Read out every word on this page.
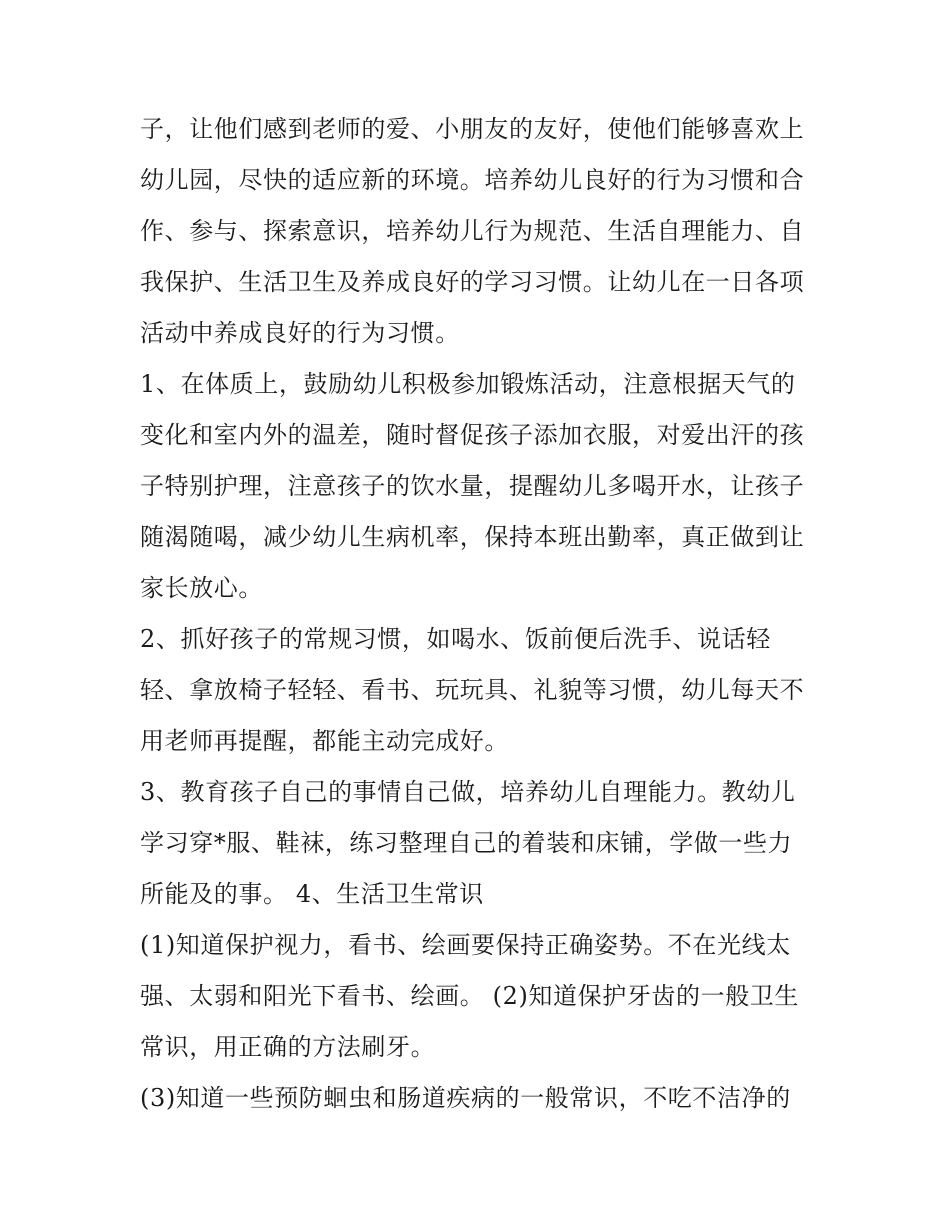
子，让他们感到老师的爱、小朋友的友好，使他们能够喜欢上
幼儿园，尽快的适应新的环境。培养幼儿良好的行为习惯和合
作、参与、探索意识，培养幼儿行为规范、生活自理能力、自
我保护、生活卫生及养成良好的学习习惯。让幼儿在一日各项
活动中养成良好的行为习惯。
1、在体质上，鼓励幼儿积极参加锻炼活动，注意根据天气的
变化和室内外的温差，随时督促孩子添加衣服，对爱出汗的孩
子特别护理，注意孩子的饮水量，提醒幼儿多喝开水，让孩子
随渴随喝，减少幼儿生病机率，保持本班出勤率，真正做到让
家长放心。
2、抓好孩子的常规习惯，如喝水、饭前便后洗手、说话轻
轻、拿放椅子轻轻、看书、玩玩具、礼貌等习惯，幼儿每天不
用老师再提醒，都能主动完成好。
3、教育孩子自己的事情自己做，培养幼儿自理能力。教幼儿
学习穿*服、鞋袜，练习整理自己的着装和床铺，学做一些力
所能及的事。 4、生活卫生常识
(1)知道保护视力，看书、绘画要保持正确姿势。不在光线太
强、太弱和阳光下看书、绘画。 (2)知道保护牙齿的一般卫生
常识，用正确的方法刷牙。
(3)知道一些预防蛔虫和肠道疾病的一般常识，不吃不洁净的
